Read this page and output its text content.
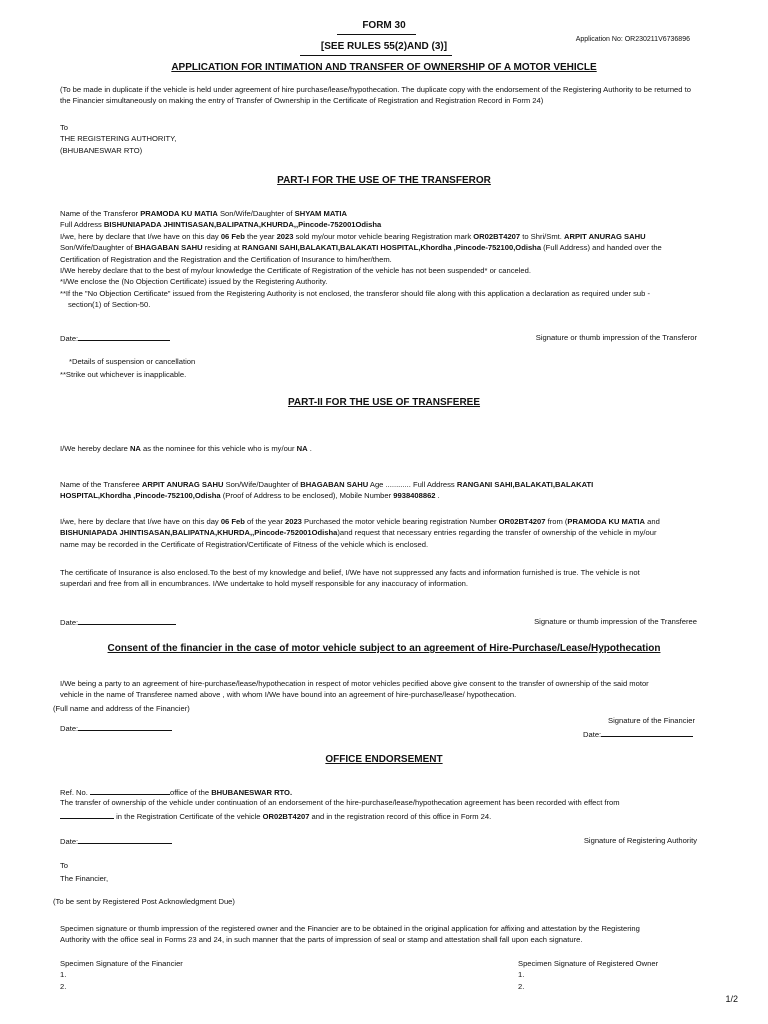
FORM 30
[SEE RULES 55(2)AND (3)]
Application No: OR230211V6736896
APPLICATION FOR INTIMATION AND TRANSFER OF OWNERSHIP OF A MOTOR VEHICLE
(To be made in duplicate if the vehicle is held under agreement of hire purchase/lease/hypothecation. The duplicate copy with the endorsement of the Registering Authority to be returned to the Financier simultaneously on making the entry of Transfer of Ownership in the Certificate of Registration and Registration Record in Form 24)
To
THE REGISTERING AUTHORITY,
(BHUBANESWAR RTO)
PART-I FOR THE USE OF THE TRANSFEROR
Name of the Transferor PRAMODA KU MATIA Son/Wife/Daughter of SHYAM MATIA
Full Address BISHUNIAPADA JHINTISASAN,BALIPATNA,KHURDA,,Pincode-752001Odisha
I/we, here by declare that I/we have on this day 06 Feb the year 2023 sold my/our motor vehicle bearing Registration mark OR02BT4207 to Shri/Smt. ARPIT ANURAG SAHU
Son/Wife/Daughter of BHAGABAN SAHU residing at RANGANI SAHI,BALAKATI,BALAKATI HOSPITAL,Khordha ,Pincode-752100,Odisha (Full Address) and handed over the
Certification of Registration and the Registration and the Certification of Insurance to him/her/them.
I/We hereby declare that to the best of my/our knowledge the Certificate of Registration of the vehicle has not been suspended* or canceled.
*I/We enclose the (No Objection Certificate) issued by the Registering Authority.
**If the "No Objection Certificate" issued from the Registering Authority is not enclosed, the transferor should file along with this application a declaration as required under sub -
section(1) of Section-50.
Date:	Signature or thumb impression of the Transferor
*Details of suspension or cancellation
**Strike out whichever is inapplicable.
PART-II FOR THE USE OF TRANSFEREE
I/We hereby declare NA as the nominee for this vehicle who is my/our NA .
Name of the Transferee ARPIT ANURAG SAHU Son/Wife/Daughter of BHAGABAN SAHU Age ............ Full Address RANGANI SAHI,BALAKATI,BALAKATI
HOSPITAL,Khordha ,Pincode-752100,Odisha (Proof of Address to be enclosed), Mobile Number 9938408862 .
I/we, here by declare that I/we have on this day 06 Feb of the year 2023 Purchased the motor vehicle bearing registration Number OR02BT4207 from (PRAMODA KU MATIA and
BISHUNIAPADA JHINTISASAN,BALIPATNA,KHURDA,,Pincode-752001Odisha)and request that necessary entries regarding the transfer of ownership of the vehicle in my/our
name may be recorded in the Certificate of Registration/Certificate of Fitness of the vehicle which is enclosed.
The certificate of Insurance is also enclosed.To the best of my knowledge and belief, I/We have not suppressed any facts and information furnished is true. The vehicle is not
superdari and free from all in encumbrances. I/We undertake to hold myself responsible for any inaccuracy of information.
Date:	Signature or thumb impression of the Transferee
Consent of the financier in the case of motor vehicle subject to an agreement of Hire-Purchase/Lease/Hypothecation
I/We being a party to an agreement of hire-purchase/lease/hypothecation in respect of motor vehicles pecified above give consent to the transfer of ownership of the said motor
vehicle in the name of Transferee named above , with whom I/We have bound into an agreement of hire-purchase/lease/ hypothecation.
(Full name and address of the Financier)
Signature of the Financier
Date:
Date:
OFFICE ENDORSEMENT
Ref. No.	office of the BHUBANESWAR RTO.
The transfer of ownership of the vehicle under continuation of an endorsement of the hire-purchase/lease/hypothecation agreement has been recorded with effect from
in the Registration Certificate of the vehicle OR02BT4207 and in the registration record of this office in Form 24.
Date:	Signature of Registering Authority
To
The Financier,
(To be sent by Registered Post Acknowledgment Due)
Specimen signature or thumb impression of the registered owner and the Financier are to be obtained in the original application for affixing and attestation by the Registering
Authority with the office seal in Forms 23 and 24, in such manner that the parts of impression of seal or stamp and attestation shall fall upon each signature.
Specimen Signature of the Financier
1.
2.
Specimen Signature of Registered Owner
1.
2.
1/2
